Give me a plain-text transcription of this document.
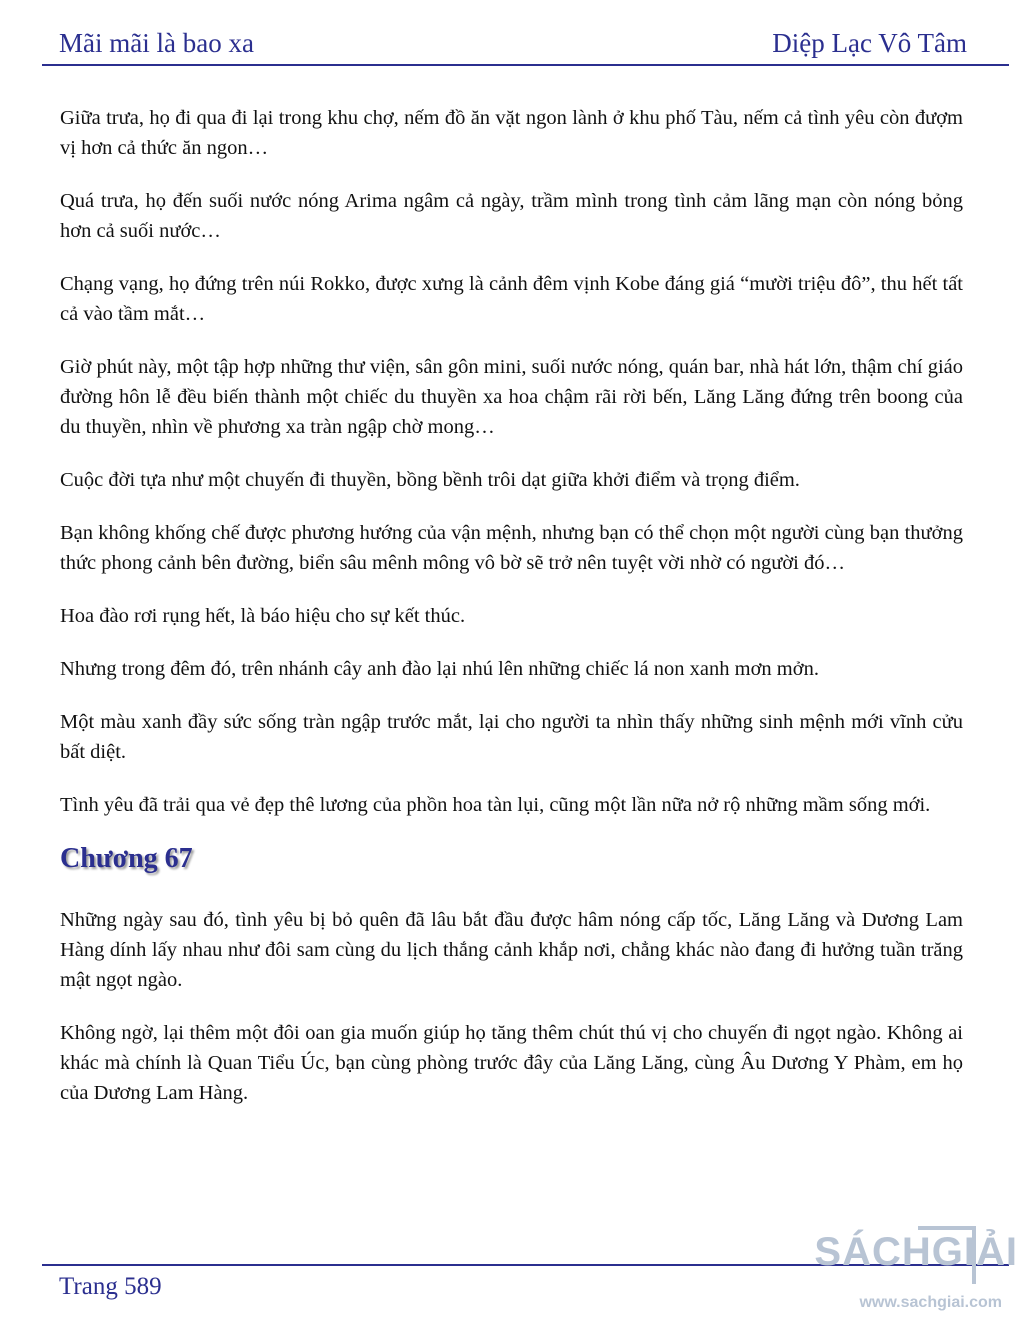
Mãi mãi là bao xa	Diệp Lạc Vô Tâm

Giữa trưa, họ đi qua đi lại trong khu chợ, nếm đồ ăn vặt ngon lành ở khu phố Tàu, nếm cả tình yêu còn đượm vị hơn cả thức ăn ngon…

Quá trưa, họ đến suối nước nóng Arima ngâm cả ngày, trầm mình trong tình cảm lãng mạn còn nóng bỏng hơn cả suối nước…

Chạng vạng, họ đứng trên núi Rokko, được xưng là cảnh đêm vịnh Kobe đáng giá “mười triệu đô”, thu hết tất cả vào tầm mắt…

Giờ phút này, một tập hợp những thư viện, sân gôn mini, suối nước nóng, quán bar, nhà hát lớn, thậm chí giáo đường hôn lễ đều biến thành một chiếc du thuyền xa hoa chậm rãi rời bến, Lăng Lăng đứng trên boong của du thuyền, nhìn về phương xa tràn ngập chờ mong…

Cuộc đời tựa như một chuyến đi thuyền, bồng bềnh trôi dạt giữa khởi điểm và trọng điểm.

Bạn không khống chế được phương hướng của vận mệnh, nhưng bạn có thể chọn một người cùng bạn thưởng thức phong cảnh bên đường, biển sâu mênh mông vô bờ sẽ trở nên tuyệt vời nhờ có người đó…

Hoa đào rơi rụng hết, là báo hiệu cho sự kết thúc.

Nhưng trong đêm đó, trên nhánh cây anh đào lại nhú lên những chiếc lá non xanh mơn mởn.

Một màu xanh đầy sức sống tràn ngập trước mắt, lại cho người ta nhìn thấy những sinh mệnh mới vĩnh cửu bất diệt.

Tình yêu đã trải qua vẻ đẹp thê lương của phồn hoa tàn lụi, cũng một lần nữa nở rộ những mầm sống mới.

Chương 67

Những ngày sau đó, tình yêu bị bỏ quên đã lâu bắt đầu được hâm nóng cấp tốc, Lăng Lăng và Dương Lam Hàng dính lấy nhau như đôi sam cùng du lịch thắng cảnh khắp nơi, chẳng khác nào đang đi hưởng tuần trăng mật ngọt ngào.

Không ngờ, lại thêm một đôi oan gia muốn giúp họ tăng thêm chút thú vị cho chuyến đi ngọt ngào. Không ai khác mà chính là Quan Tiểu Úc, bạn cùng phòng trước đây của Lăng Lăng, cùng Âu Dương Y Phàm, em họ của Dương Lam Hàng.

Trang 589
SÁCHGIẢI
www.sachgiai.com
